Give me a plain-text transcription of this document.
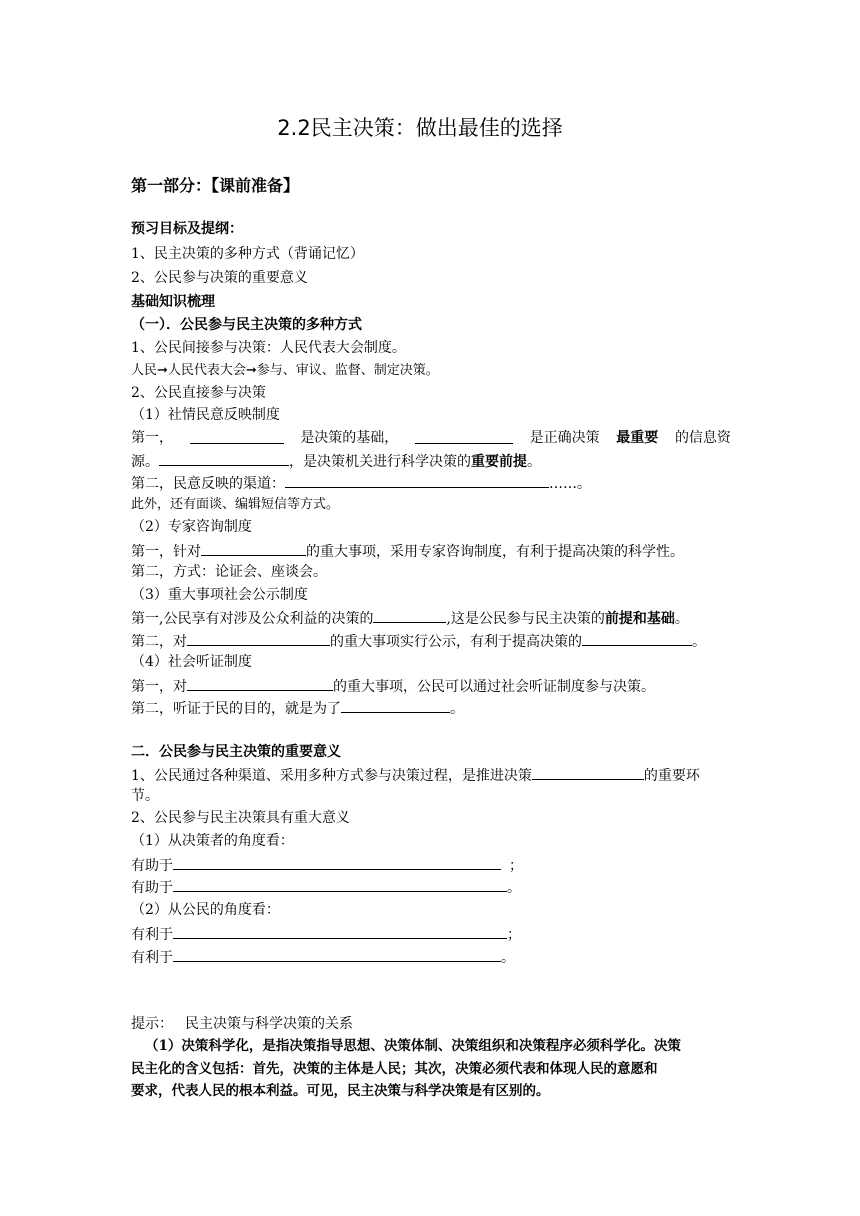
2.2民主决策：做出最佳的选择
第一部分：【课前准备】
预习目标及提纲：
1、民主决策的多种方式（背诵记忆）
2、公民参与决策的重要意义
基础知识梳理
（一）．公民参与民主决策的多种方式
1、公民间接参与决策：人民代表大会制度。
人民➞人民代表大会➞参与、审议、监督、制定决策。
2、公民直接参与决策
（1）社情民意反映制度
第一，	是决策的基础，	是正确决策 最重要 的信息资
源。	，是决策机关进行科学决策的重要前提。
第二，民意反映的渠道：	……。
此外，还有面谈、编辑短信等方式。
（2）专家咨询制度
第一，针对	的重大事项，采用专家咨询制度，有利于提高决策的科学性。
第二，方式：论证会、座谈会。
（3）重大事项社会公示制度
第一,公民享有对涉及公众利益的决策的	,这是公民参与民主决策的前提和基础。
第二，对	的重大事项实行公示，有利于提高决策的	。
（4）社会听证制度
第一，对	的重大事项，公民可以通过社会听证制度参与决策。
第二，听证于民的目的，就是为了	。
二．公民参与民主决策的重要意义
1、公民通过各种渠道、采用多种方式参与决策过程，是推进决策	的重要环
节。
2、公民参与民主决策具有重大意义
（1）从决策者的角度看：
有助于	；
有助于	。
（2）从公民的角度看：
有利于	；
有利于	。
提示： 民主决策与科学决策的关系
（1）决策科学化，是指决策指导思想、决策体制、决策组织和决策程序必须科学化。决策
民主化的含义包括：首先，决策的主体是人民；其次，决策必须代表和体现人民的意愿和
要求，代表人民的根本利益。可见，民主决策与科学决策是有区别的。
